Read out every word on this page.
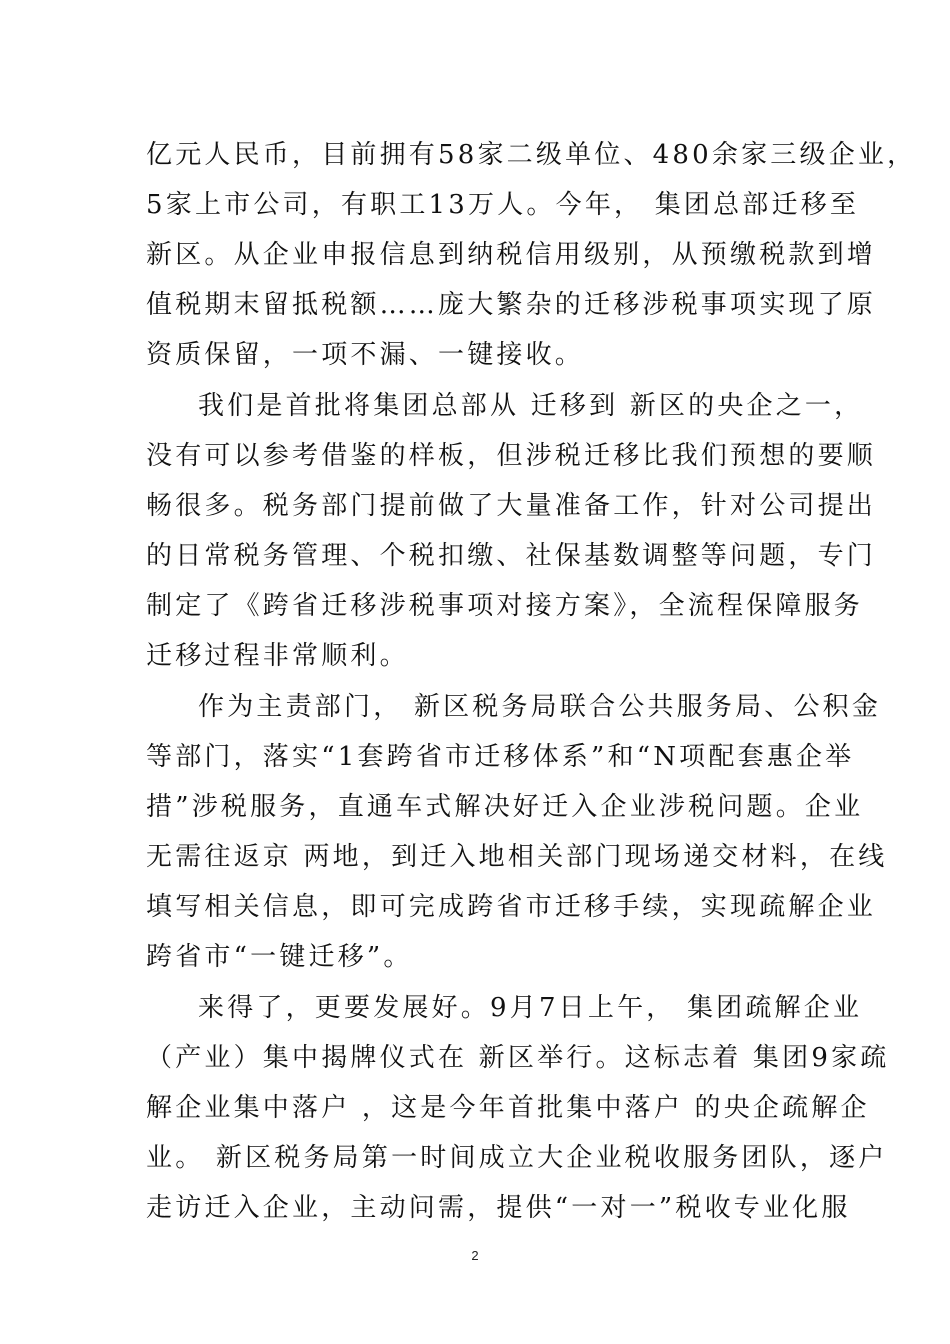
亿元人民币，目前拥有58家二级单位、480余家三级企业，
5家上市公司，有职工13万人。今年， 集团总部迁移至
新区。从企业申报信息到纳税信用级别，从预缴税款到增
值税期末留抵税额……庞大繁杂的迁移涉税事项实现了原
资质保留，一项不漏、一键接收。
我们是首批将集团总部从 迁移到 新区的央企之一，
没有可以参考借鉴的样板，但涉税迁移比我们预想的要顺
畅很多。税务部门提前做了大量准备工作，针对公司提出
的日常税务管理、个税扣缴、社保基数调整等问题，专门
制定了《跨省迁移涉税事项对接方案》，全流程保障服务
迁移过程非常顺利。
作为主责部门， 新区税务局联合公共服务局、公积金
等部门，落实“1套跨省市迁移体系”和“N项配套惠企举
措”涉税服务，直通车式解决好迁入企业涉税问题。企业
无需往返京 两地，到迁入地相关部门现场递交材料，在线
填写相关信息，即可完成跨省市迁移手续，实现疏解企业
跨省市“一键迁移”。
来得了，更要发展好。9月7日上午， 集团疏解企业
（产业）集中揭牌仪式在 新区举行。这标志着 集团9家疏
解企业集中落户 ，这是今年首批集中落户 的央企疏解企
业。 新区税务局第一时间成立大企业税收服务团队，逐户
走访迁入企业，主动问需，提供“一对一”税收专业化服
2
